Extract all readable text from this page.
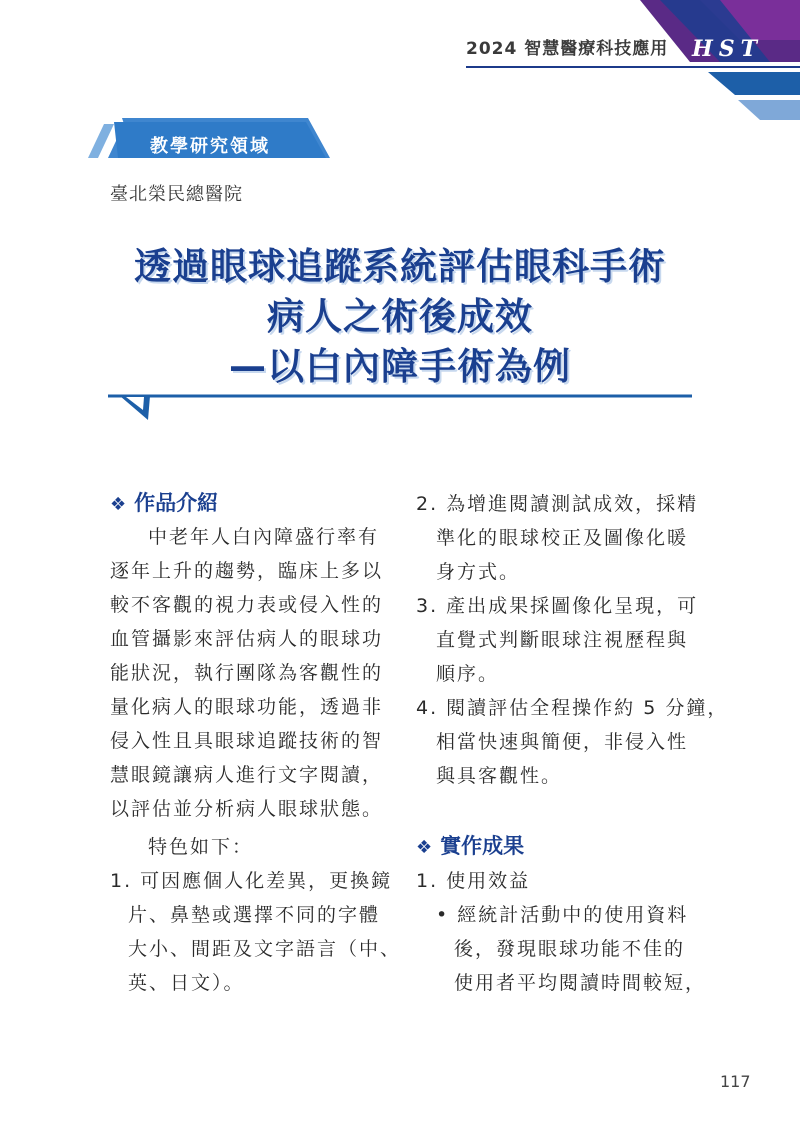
2024 智慧醫療科技應用 HST
教學研究領域
臺北榮民總醫院
透過眼球追蹤系統評估眼科手術
病人之術後成效
—以白內障手術為例
❖ 作品介紹
中老年人白內障盛行率有
逐年上升的趨勢，臨床上多以
較不客觀的視力表或侵入性的
血管攝影來評估病人的眼球功
能狀況，執行團隊為客觀性的
量化病人的眼球功能，透過非
侵入性且具眼球追蹤技術的智
慧眼鏡讓病人進行文字閱讀，
以評估並分析病人眼球狀態。
特色如下：
1. 可因應個人化差異，更換鏡
片、鼻墊或選擇不同的字體
大小、間距及文字語言（中、
英、日文）。
2. 為增進閱讀測試成效，採精
準化的眼球校正及圖像化暖
身方式。
3. 產出成果採圖像化呈現，可
直覺式判斷眼球注視歷程與
順序。
4. 閱讀評估全程操作約 5 分鐘，
相當快速與簡便，非侵入性
與具客觀性。
❖ 實作成果
1. 使用效益
• 經統計活動中的使用資料
後，發現眼球功能不佳的
使用者平均閱讀時間較短，
117
